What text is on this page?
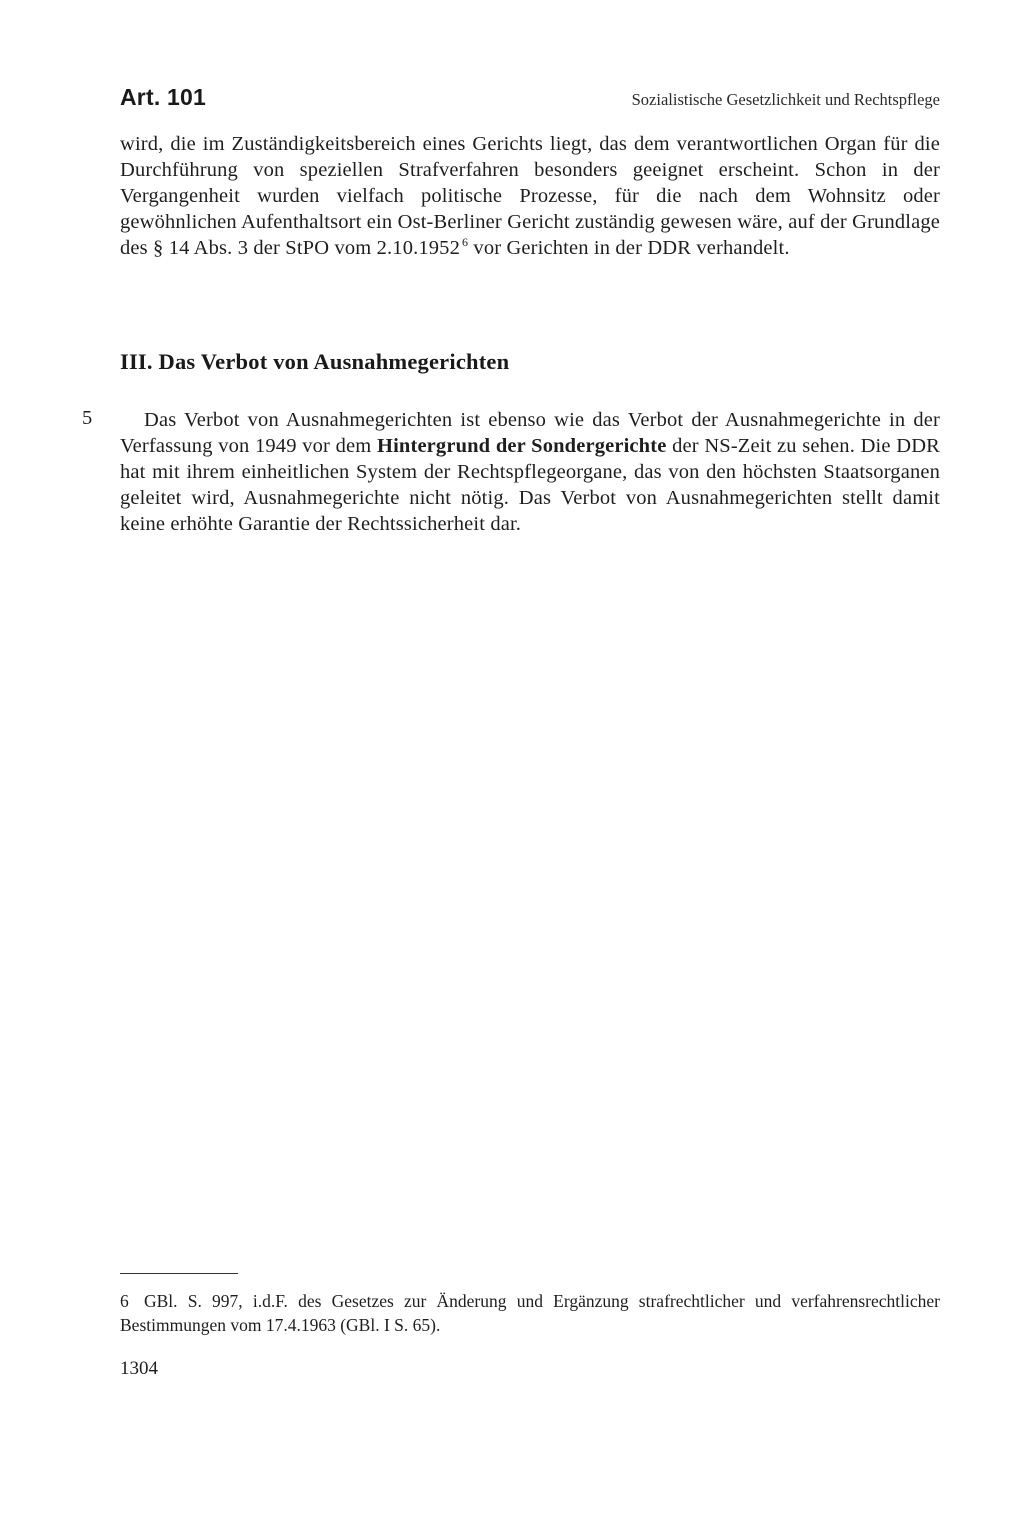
Art. 101	Sozialistische Gesetzlichkeit und Rechtspflege

wird, die im Zuständigkeitsbereich eines Gerichts liegt, das dem verantwortlichen Organ für die Durchführung von speziellen Strafverfahren besonders geeignet erscheint. Schon in der Vergangenheit wurden vielfach politische Prozesse, für die nach dem Wohnsitz oder gewöhnlichen Aufenthaltsort ein Ost-Berliner Gericht zuständig gewesen wäre, auf der Grundlage des § 14 Abs. 3 der StPO vom 2.10.1952 $^6$ vor Gerichten in der DDR verhandelt.

III. Das Verbot von Ausnahmegerichten
5	Das Verbot von Ausnahmegerichten ist ebenso wie das Verbot der Ausnahmegerichte in der Verfassung von 1949 vor dem Hintergrund der Sondergerichte der NS-Zeit zu sehen. Die DDR hat mit ihrem einheitlichen System der Rechtspflegeorgane, das von den höchsten Staatsorganen geleitet wird, Ausnahmegerichte nicht nötig. Das Verbot von Ausnahmegerichten stellt damit keine erhöhte Garantie der Rechtssicherheit dar.

6 GBl. S. 997, i.d.F. des Gesetzes zur Änderung und Ergänzung strafrechtlicher und verfahrensrechtlicher Bestimmungen vom 17.4.1963 (GBl. I S. 65).
1304
